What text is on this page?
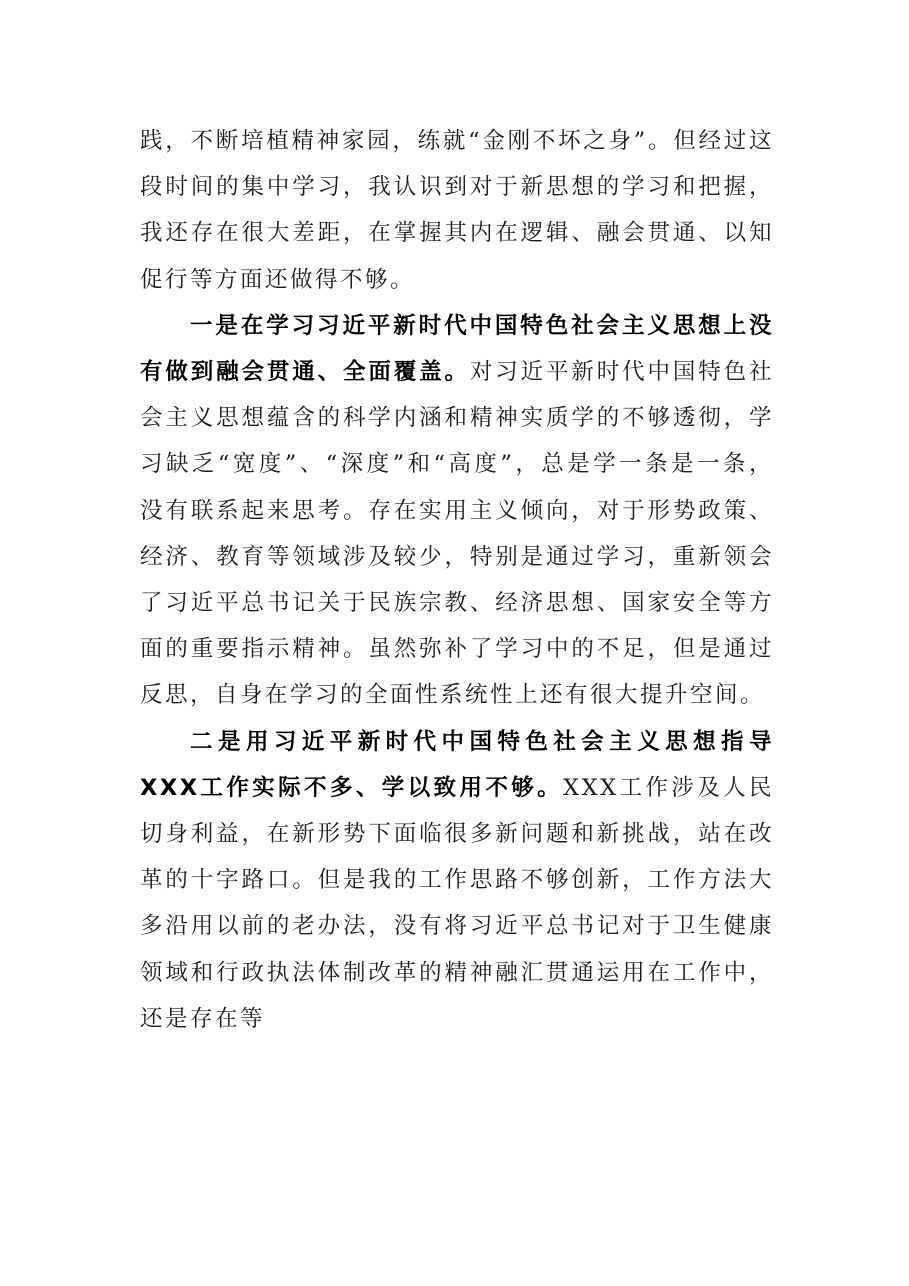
践，不断培植精神家园，练就“金刚不坏之身”。但经过这段时间的集中学习，我认识到对于新思想的学习和把握，我还存在很大差距，在掌握其内在逻辑、融会贯通、以知促行等方面还做得不够。

一是在学习习近平新时代中国特色社会主义思想上没有做到融会贯通、全面覆盖。对习近平新时代中国特色社会主义思想蕴含的科学内涵和精神实质学的不够透彻，学习缺乏“宽度”、“深度”和“高度”，总是学一条是一条，没有联系起来思考。存在实用主义倾向，对于形势政策、经济、教育等领域涉及较少，特别是通过学习，重新领会了习近平总书记关于民族宗教、经济思想、国家安全等方面的重要指示精神。虽然弥补了学习中的不足，但是通过反思，自身在学习的全面性系统性上还有很大提升空间。

二是用习近平新时代中国特色社会主义思想指导XXX工作实际不多、学以致用不够。XXX工作涉及人民切身利益，在新形势下面临很多新问题和新挑战，站在改革的十字路口。但是我的工作思路不够创新，工作方法大多沿用以前的老办法，没有将习近平总书记对于卫生健康领域和行政执法体制改革的精神融汇贯通运用在工作中，还是存在等
